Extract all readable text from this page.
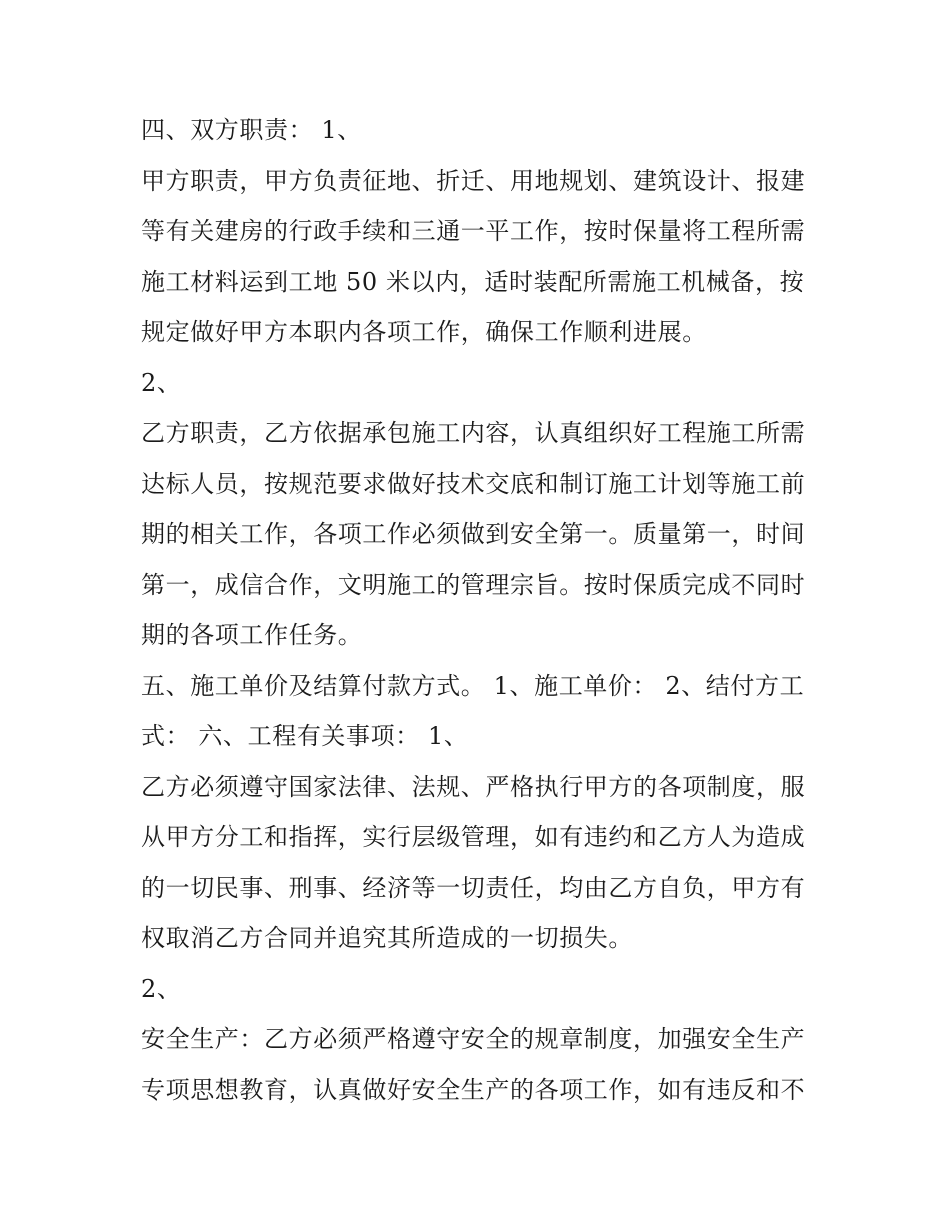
四、双方职责： 1、
甲方职责，甲方负责征地、折迁、用地规划、建筑设计、报建
等有关建房的行政手续和三通一平工作，按时保量将工程所需
施工材料运到工地 50 米以内，适时装配所需施工机械备，按
规定做好甲方本职内各项工作，确保工作顺利进展。
2、
乙方职责，乙方依据承包施工内容，认真组织好工程施工所需
达标人员，按规范要求做好技术交底和制订施工计划等施工前
期的相关工作，各项工作必须做到安全第一。质量第一，时间
第一，成信合作，文明施工的管理宗旨。按时保质完成不同时
期的各项工作任务。
五、施工单价及结算付款方式。 1、施工单价： 2、结付方工
式： 六、工程有关事项： 1、
乙方必须遵守国家法律、法规、严格执行甲方的各项制度，服
从甲方分工和指挥，实行层级管理，如有违约和乙方人为造成
的一切民事、刑事、经济等一切责任，均由乙方自负，甲方有
权取消乙方合同并追究其所造成的一切损失。
2、
安全生产：乙方必须严格遵守安全的规章制度，加强安全生产
专项思想教育，认真做好安全生产的各项工作，如有违反和不
